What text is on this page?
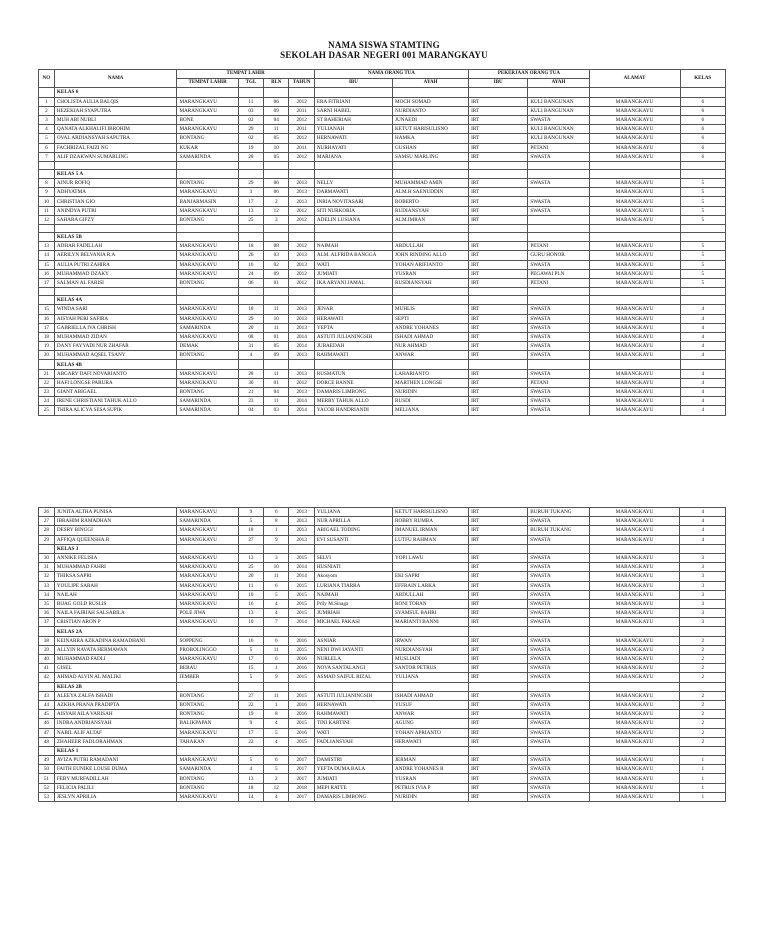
NAMA SISWA STAMTING
SEKOLAH DASAR NEGERI 001 MARANGKAYU
NO	NAMA	TEMPAT LAHIR				NAMA ORANG TUA		PEKERJAAN ORANG TUA		ALAMAT	KELAS
		TEMPAT LAHIR	TGL	BLN	TAHUN	IBU	AYAH	IBU	AYAH		
	KELAS 6										
1	CHOLISTA AULIA BALQIS	MARANGKAYU	11	06	2012	ERA FITRIANI	MOCH SOMAD	IRT	KULI BANGUNAN	MARANGKAYU	6
2	HEZEKIAH SYAPUTRA	MARANGKAYU	03	09	2011	SARNI HABEL	NURDIANTO	IRT	KULI BANGUNAN	MARANGKAYU	6
3	MUH ABI NUBLI	BONE	02	04	2012	ST BAHERIAH	JUNAEDI	IRT	SWASTA	MARANGKAYU	6
4	QANATA ALKHALIFI IBROHIM	MARANGKAYU	29	11	2011	YULIANAH	KETUT HARISULISNO	IRT	KULI BANGUNAN	MARANGKAYU	6
5	OVAL ARDIANSYAH SAPUTRA	BONTANG	02	05	2012	HERNAWATI	HAMKA	IRT	KULI BANGUNAN	MARANGKAYU	6
6	FACHRIZAL FAIZI NG	KUKAR	19	10	2011	NURHAYATI	GUSHAN	IRT	PETANI	MARANGKAYU	6
7	ALIF DZAKWAN SUMARLING	SAMARINDA	28	05	2012	MARIANA	SAMSU MARLING	IRT	SWASTA	MARANGKAYU	6

	KELAS 5 A										
8	AINUR ROFIQ	BONTANG	29	06	2013	NELLY	MUHAMMAD AMIN	IRT	SWASTA	MARANGKAYU	5
9	ADHYATMA	MARANGKAYU	3	06	2013	DARMAWATI	ALM.H SAENUDDIN	IRT		MARANGKAYU	5
10	CHRISTIAN GIO	BANJARMASIN	17	2	2013	INRIA NOVITASARI	ROBERTO	IRT	SWASTA	MARANGKAYU	5
11	ANINDYA PUTRI	MARANGKAYU	13	12	2012	SITI NURKORIA	RUDIANSYAH	IRT	SWASTA	MARANGKAYU	5
12	SAHARA GIFZY	BONTANG	25	3	2012	ADELIN LUSIANA	ALM.IMRAN	IRT		MARANGKAYU	5

	KELAS 5B										
13	ADHAR FADILLAH	MARANGKAYU	18	08	2012	NAIMAH	ABDULLAH	IRT	PETANI	MARANGKAYU	5
14	AERILYN BELVANIA R.A	MARANGKAYU	26	03	2013	ALM. ALFRIDA BANGGA	JOHN RINDING ALLO	IRT	GURU HONOR	MARANGKAYU	5
15	AULIA PUTRI ZAHIRA	MARANGKAYU	16	02	2013	WATI	YOHAN ARIFIANTO	IRT	SWASTA	MARANGKAYU	5
16	MUHAMMAD DZAKY	MARANGKAYU	24	09	2012	JUMIATI	YUSRAN	IRT	PEGAWAI PLN	MARANGKAYU	5
17	SALMAN AL FARISI	BONTANG	06	01	2012	IKA ARYANI JAMAL	RUSDIANSYAH	IRT	PETANI	MARANGKAYU	5

	KELAS 4A										
15	WINDA SARI	MARANGKAYU	18	11	2013	JENAB	MUHLIS	IRT	SWASTA	MARANGKAYU	4
16	AISYAH PERI SAFIRA	MARANGKAYU	29	10	2013	HERAWATI	SEPTI	IRT	SWASTA	MARANGKAYU	4
17	GABRIELLA IVA CHRISH	SAMARINDA	20	11	2013	YEPTA	ANDRE YOHANES	IRT	SWASTA	MARANGKAYU	4
18	MUHAMMAD ZIDAN	MARANGKAYU	08	01	2014	ASTUTI JULIANINGSIH	ISHADI AHMAD	IRT	SWASTA	MARANGKAYU	4
19	DANY FAYYADI NUR ZHAFAR	DEMAK	31	05	2014	JUBAEDAH	NUR AHMAD	IRT	SWASTA	MARANGKAYU	4
20	MUHAMMAD AQSEL TSANY	BONTANG	4	09	2013	RAHMAWATI	ANWAR	IRT	SWASTA	MARANGKAYU	4
	KELAS 4B										
21	ABGARY DAFI NOVARIANTO	MARANGKAYU	28	11	2013	RUSMATUN	LAHARIANTO	IRT	SWASTA	MARANGKAYU	4
22	HAFI LONGSE PARURA	MARANGKAYU	30	01	2012	DORCE BANNE	MARTHEN LONGSE	IRT	PETANI	MARANGKAYU	4
23	GIANT ABIGAEL	BONTANG	21	04	2013	DAMARIS LIMBONG	NURIDIN	IRT	SWASTA	MARANGKAYU	4
24	IRENE CHRISTIANI TAHUK ALLO	SAMARINDA	23	11	2014	MERRY TAHUK ALLO	RUSDI	IRT	SWASTA	MARANGKAYU	4
25	THIRA ALICYA SESA SUPIK	SAMARINDA	04	03	2014	YACOB HANDRIANDI	MELIANA	IRT	SWASTA	MARANGKAYU	4
26	JUNITA ALTHA PUNISA	MARANGKAYU	9	6	2013	YULIANA	KETUT HARISULISNO	IRT	BURUH TUKANG	MARANGKAYU	4
27	IBRAHIM RAMADHAN	SAMARINDA	5	8	2013	NUR APRILLA	ROBBY RUMBA	IRT	SWASTA	MARANGKAYU	4
28	DESRY BINGGI	MARANGKAYU	18	1	2013	ABIGAEL TODING	IMANUEL IRMAN	IRT	BURUH TUKANG	MARANGKAYU	4
29	AFFIQA QUEENSHA.R	MARANGKAYU	27	9	2013	EVI SUSANTI	LUTFU RAHMAN	IRT	SWASTA	MARANGKAYU	4
	KELAS 3										
30	ANNIKE FELISIA	MARANGKAYU	13	3	2015	SELVI	YOPI LAWU	IRT	SWASTA	MARANGKAYU	3
31	MUHAMMAD FAHRI	MARANGKAYU	25	10	2014	HUSNIATI		IRT	SWASTA	MARANGKAYU	3
32	THIKSA SAPRI	MARANGKAYU	20	11	2014	Akosyom	EKI SAPRI	IRT	SWASTA	MARANGKAYU	3
33	YOULIPE SARAH	MARANGKAYU	11	6	2015	LURIANA TIARRA	EFFRAIN LARKA	IRT	SWASTA	MARANGKAYU	3
34	NAILAH	MARANGKAYU	10	5	2015	NAIMAH	ABDULLAH	IRT	SWASTA	MARANGKAYU	3
35	BIJAG GOLD RUSLIS	MARANGKAYU	16	4	2015	Prily M.Sinaga	RONI TOBAN	IRT	SWASTA	MARANGKAYU	3
36	NAILA FAJRIAH SALSABILA	POLE JIWA	13	4	2015	JUMRIAH	SYAMSUL BAHRI	IRT	SWASTA	MARANGKAYU	3
37	CRISTIAN ARON P	MARANGKAYU	10	7	2014	MICHAEL PAKASI	MARIANTI BANNI	IRT	SWASTA	MARANGKAYU	3
	KELAS 2A										
38	KEINARRA AZKADINA RAMADHANI	SOPPENG	16	6	2016	ASNIAR	IRWAN	IRT	SWASTA	MARANGKAYU	2
39	ALLYIN RAVATA HERMAWAN	PROBOLINGGO	5	11	2015	NENI DWI JAYANTI	NURDIANSYAH	IRT	SWASTA	MARANGKAYU	2
40	MUHAMMAD FADLI	MARANGKAYU	17	6	2016	NURLELA	MUSLIADI	IRT	SWASTA	MARANGKAYU	2
41	GISEL	BERAU	15	1	2016	NOVA SANTALANGI	SANTOR PETRUS	IRT	SWASTA	MARANGKAYU	2
42	AHMAD ALVIN AL MALIKI	JEMBER	5	9	2015	ASMAD SAIFUL RIZAL	YULIANA	IRT	SWASTA	MARANGKAYU	2
	KELAS 2B										
43	ALEEYA ZALFA ISHADI	BONTANG	27	11	2015	ASTUTI JULIANINGSIH	ISHADI AHMAD	IRT	SWASTA	MARANGKAYU	2
44	AZKHA PRANA PRADIPTA	BONTANG	22	1	2016	HERNAWATI	YUSUF	IRT	SWASTA	MARANGKAYU	2
45	AISYAH AILA VARISAH	BONTANG	19	8	2016	RAHMAWATI	ANWAR	IRT	SWASTA	MARANGKAYU	2
46	INDRA ANDRIANSYAH	BALIKPAPAN	9	4	2015	TINI KARTINI	AGUNG	IRT	SWASTA	MARANGKAYU	2
47	NABIL ALIF ALTAF	MARANGKAYU	17	5	2016	WATI	YOHAN APRIANTO	IRT	SWASTA	MARANGKAYU	2
48	ZHAHEER FADLORAHMAN	TAHAKAN	22	4	2015	FADLIANSYAH	HERAWATI	IRT	SWASTA	MARANGKAYU	2
	KELAS 1										
49	AVIZA PUTRI RAMADANI	MARANGKAYU	5	6	2017	DAMISTRI	JERMAN	IRT	SWASTA	MARANGKAYU	1
50	FAITH EUNIKE LOUSE DUMA	SAMARINDA	4	5	2017	YEFTA DUMA BALA	ANDRE YOHANES R	IRT	SWASTA	MARANGKAYU	1
51	FEBY MURFADILLAH	BONTANG	13	2	2017	JUMIATI	YUSRAN	IRT	SWASTA	MARANGKAYU	1
52	FELICIA PALILI	BONTANG	18	12	2018	MEPI RATTE	PETRUS IVIA P	IRT	SWASTA	MARANGKAYU	1
53	JESLYN APRILIA	MARANGKAYU	14	4	2017	DAMARIS LIMBONG	NURIDIN	IRT	SWASTA	MARANGKAYU	1
